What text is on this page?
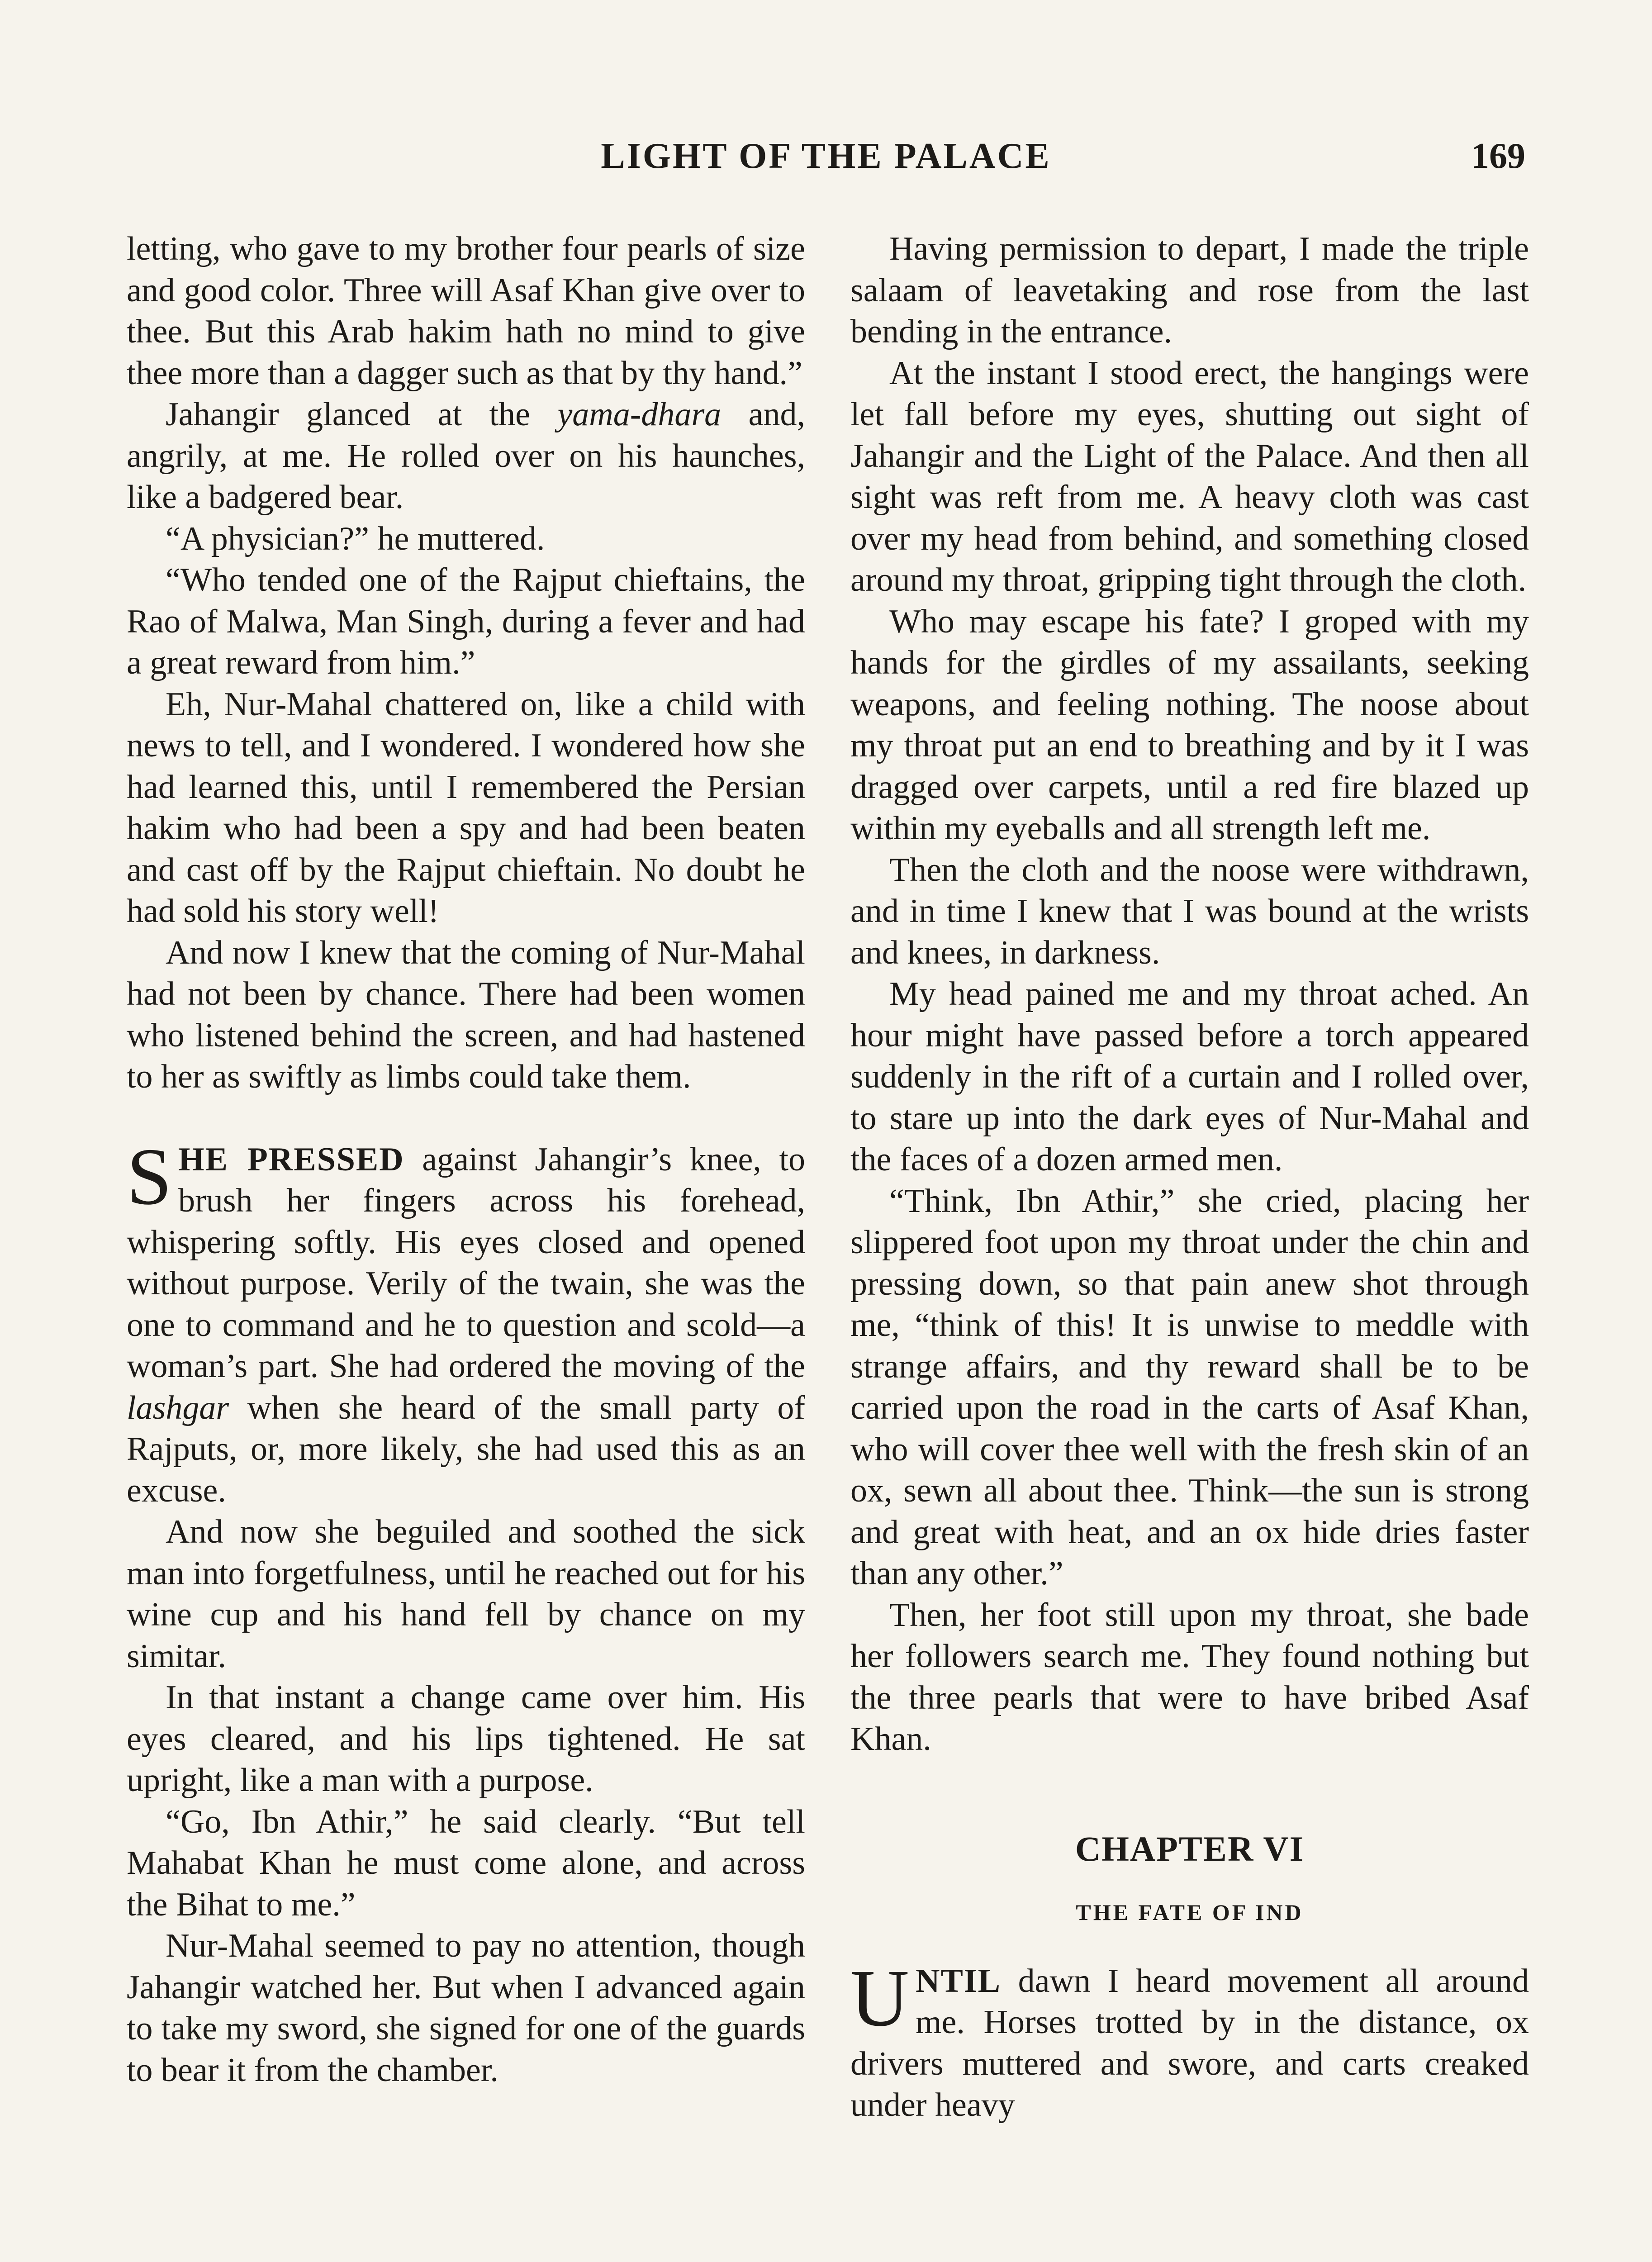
LIGHT OF THE PALACE	169

letting, who gave to my brother four pearls of size and good color. Three will Asaf Khan give over to thee. But this Arab hakim hath no mind to give thee more than a dagger such as that by thy hand.”

Jahangir glanced at the yama-dhara and, angrily, at me. He rolled over on his haunches, like a badgered bear.

“A physician?” he muttered.

“Who tended one of the Rajput chieftains, the Rao of Malwa, Man Singh, during a fever and had a great reward from him.”

Eh, Nur-Mahal chattered on, like a child with news to tell, and I wondered. I wondered how she had learned this, until I remembered the Persian hakim who had been a spy and had been beaten and cast off by the Rajput chieftain. No doubt he had sold his story well!

And now I knew that the coming of Nur-Mahal had not been by chance. There had been women who listened behind the screen, and had hastened to her as swiftly as limbs could take them.

SHE PRESSED against Jahangir’s knee, to brush her fingers across his forehead, whispering softly. His eyes closed and opened without purpose. Verily of the twain, she was the one to command and he to question and scold—a woman’s part. She had ordered the moving of the lashgar when she heard of the small party of Rajputs, or, more likely, she had used this as an excuse.

And now she beguiled and soothed the sick man into forgetfulness, until he reached out for his wine cup and his hand fell by chance on my simitar.

In that instant a change came over him. His eyes cleared, and his lips tightened. He sat upright, like a man with a purpose.

“Go, Ibn Athir,” he said clearly. “But tell Mahabat Khan he must come alone, and across the Bihat to me.”

Nur-Mahal seemed to pay no attention, though Jahangir watched her. But when I advanced again to take my sword, she signed for one of the guards to bear it from the chamber.

Having permission to depart, I made the triple salaam of leavetaking and rose from the last bending in the entrance.

At the instant I stood erect, the hangings were let fall before my eyes, shutting out sight of Jahangir and the Light of the Palace. And then all sight was reft from me. A heavy cloth was cast over my head from behind, and something closed around my throat, gripping tight through the cloth.

Who may escape his fate? I groped with my hands for the girdles of my assailants, seeking weapons, and feeling nothing. The noose about my throat put an end to breathing and by it I was dragged over carpets, until a red fire blazed up within my eyeballs and all strength left me.

Then the cloth and the noose were withdrawn, and in time I knew that I was bound at the wrists and knees, in darkness.

My head pained me and my throat ached. An hour might have passed before a torch appeared suddenly in the rift of a curtain and I rolled over, to stare up into the dark eyes of Nur-Mahal and the faces of a dozen armed men.

“Think, Ibn Athir,” she cried, placing her slippered foot upon my throat under the chin and pressing down, so that pain anew shot through me, “think of this! It is unwise to meddle with strange affairs, and thy reward shall be to be carried upon the road in the carts of Asaf Khan, who will cover thee well with the fresh skin of an ox, sewn all about thee. Think—the sun is strong and great with heat, and an ox hide dries faster than any other.”

Then, her foot still upon my throat, she bade her followers search me. They found nothing but the three pearls that were to have bribed Asaf Khan.

CHAPTER VI
THE FATE OF IND

UNTIL dawn I heard movement all around me. Horses trotted by in the distance, ox drivers muttered and swore, and carts creaked under heavy
